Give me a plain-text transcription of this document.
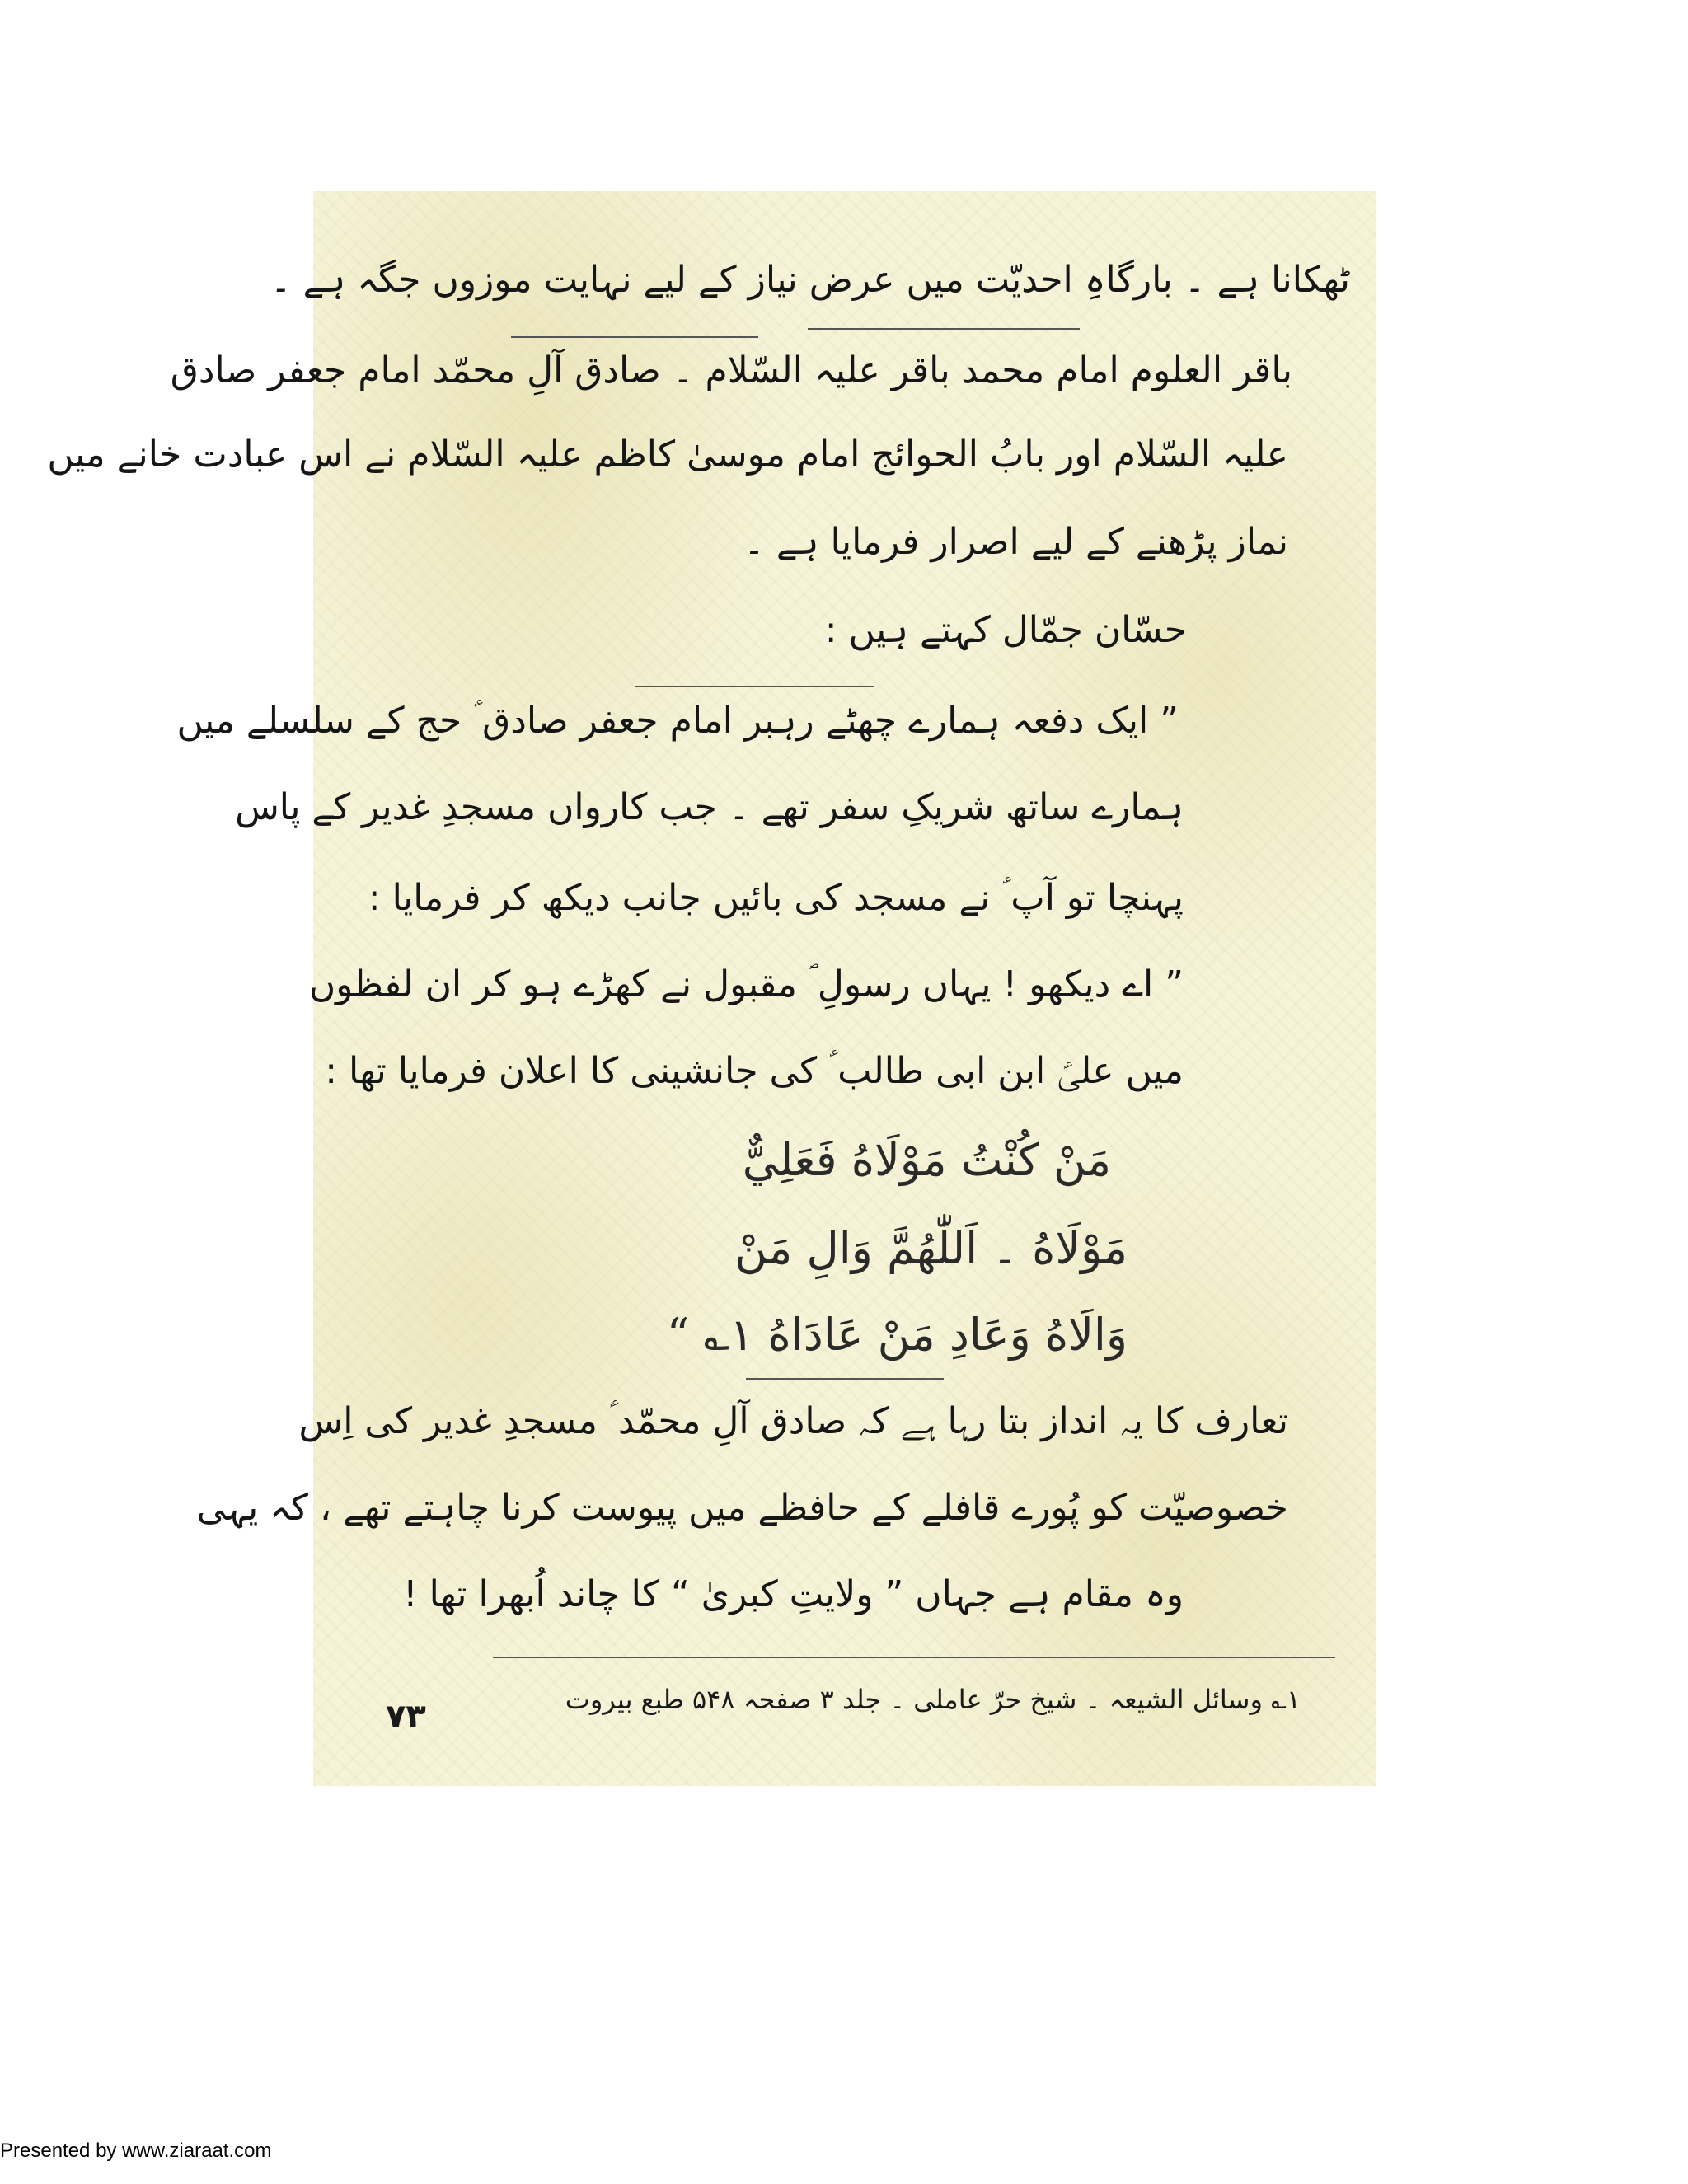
ٹھکانا ہے ۔ بارگاہِ احدیّت میں عرض نیاز کے لیے نہایت موزوں جگہ ہے ۔
باقر العلوم امام محمد باقر علیہ السّلام ۔ صادق آلِ محمّد امام جعفر صادق
علیہ السّلام اور بابُ الحوائج امام موسیٰ کاظم علیہ السّلام نے اس عبادت خانے میں
نماز پڑھنے کے لیے اصرار فرمایا ہے ۔
حسّان جمّال کہتے ہیں :
” ایک دفعہ ہمارے چھٹے رہبر امام جعفر صادق ؑ حج کے سلسلے میں
ہمارے ساتھ شریکِ سفر تھے ۔ جب کارواں مسجدِ غدیر کے پاس
پہنچا تو آپ ؑ نے مسجد کی بائیں جانب دیکھ کر فرمایا :
” اے دیکھو ! یہاں رسولِ ؐ مقبول نے کھڑے ہو کر ان لفظوں
میں علیؑ ابن ابی طالب ؑ کی جانشینی کا اعلان فرمایا تھا :
مَنْ كُنْتُ مَوْلَاهُ فَعَلِيٌّ
مَوْلَاهُ ۔ اَللّٰهُمَّ وَالِ مَنْ
وَالَاهُ وَعَادِ مَنْ عَادَاهُ ۱؎ “
تعارف کا یہ انداز بتا رہا ہے کہ صادق آلِ محمّد ؑ مسجدِ غدیر کی اِس
خصوصیّت کو پُورے قافلے کے حافظے میں پیوست کرنا چاہتے تھے ، کہ یہی
وہ مقام ہے جہاں ” ولایتِ کبریٰ “ کا چاند اُبھرا تھا !
۱؎ وسائل الشیعہ ۔ شیخ حرّ عاملی ۔ جلد ۳ صفحہ ۵۴۸ طبع بیروت
۷۳
Presented by www.ziaraat.com
